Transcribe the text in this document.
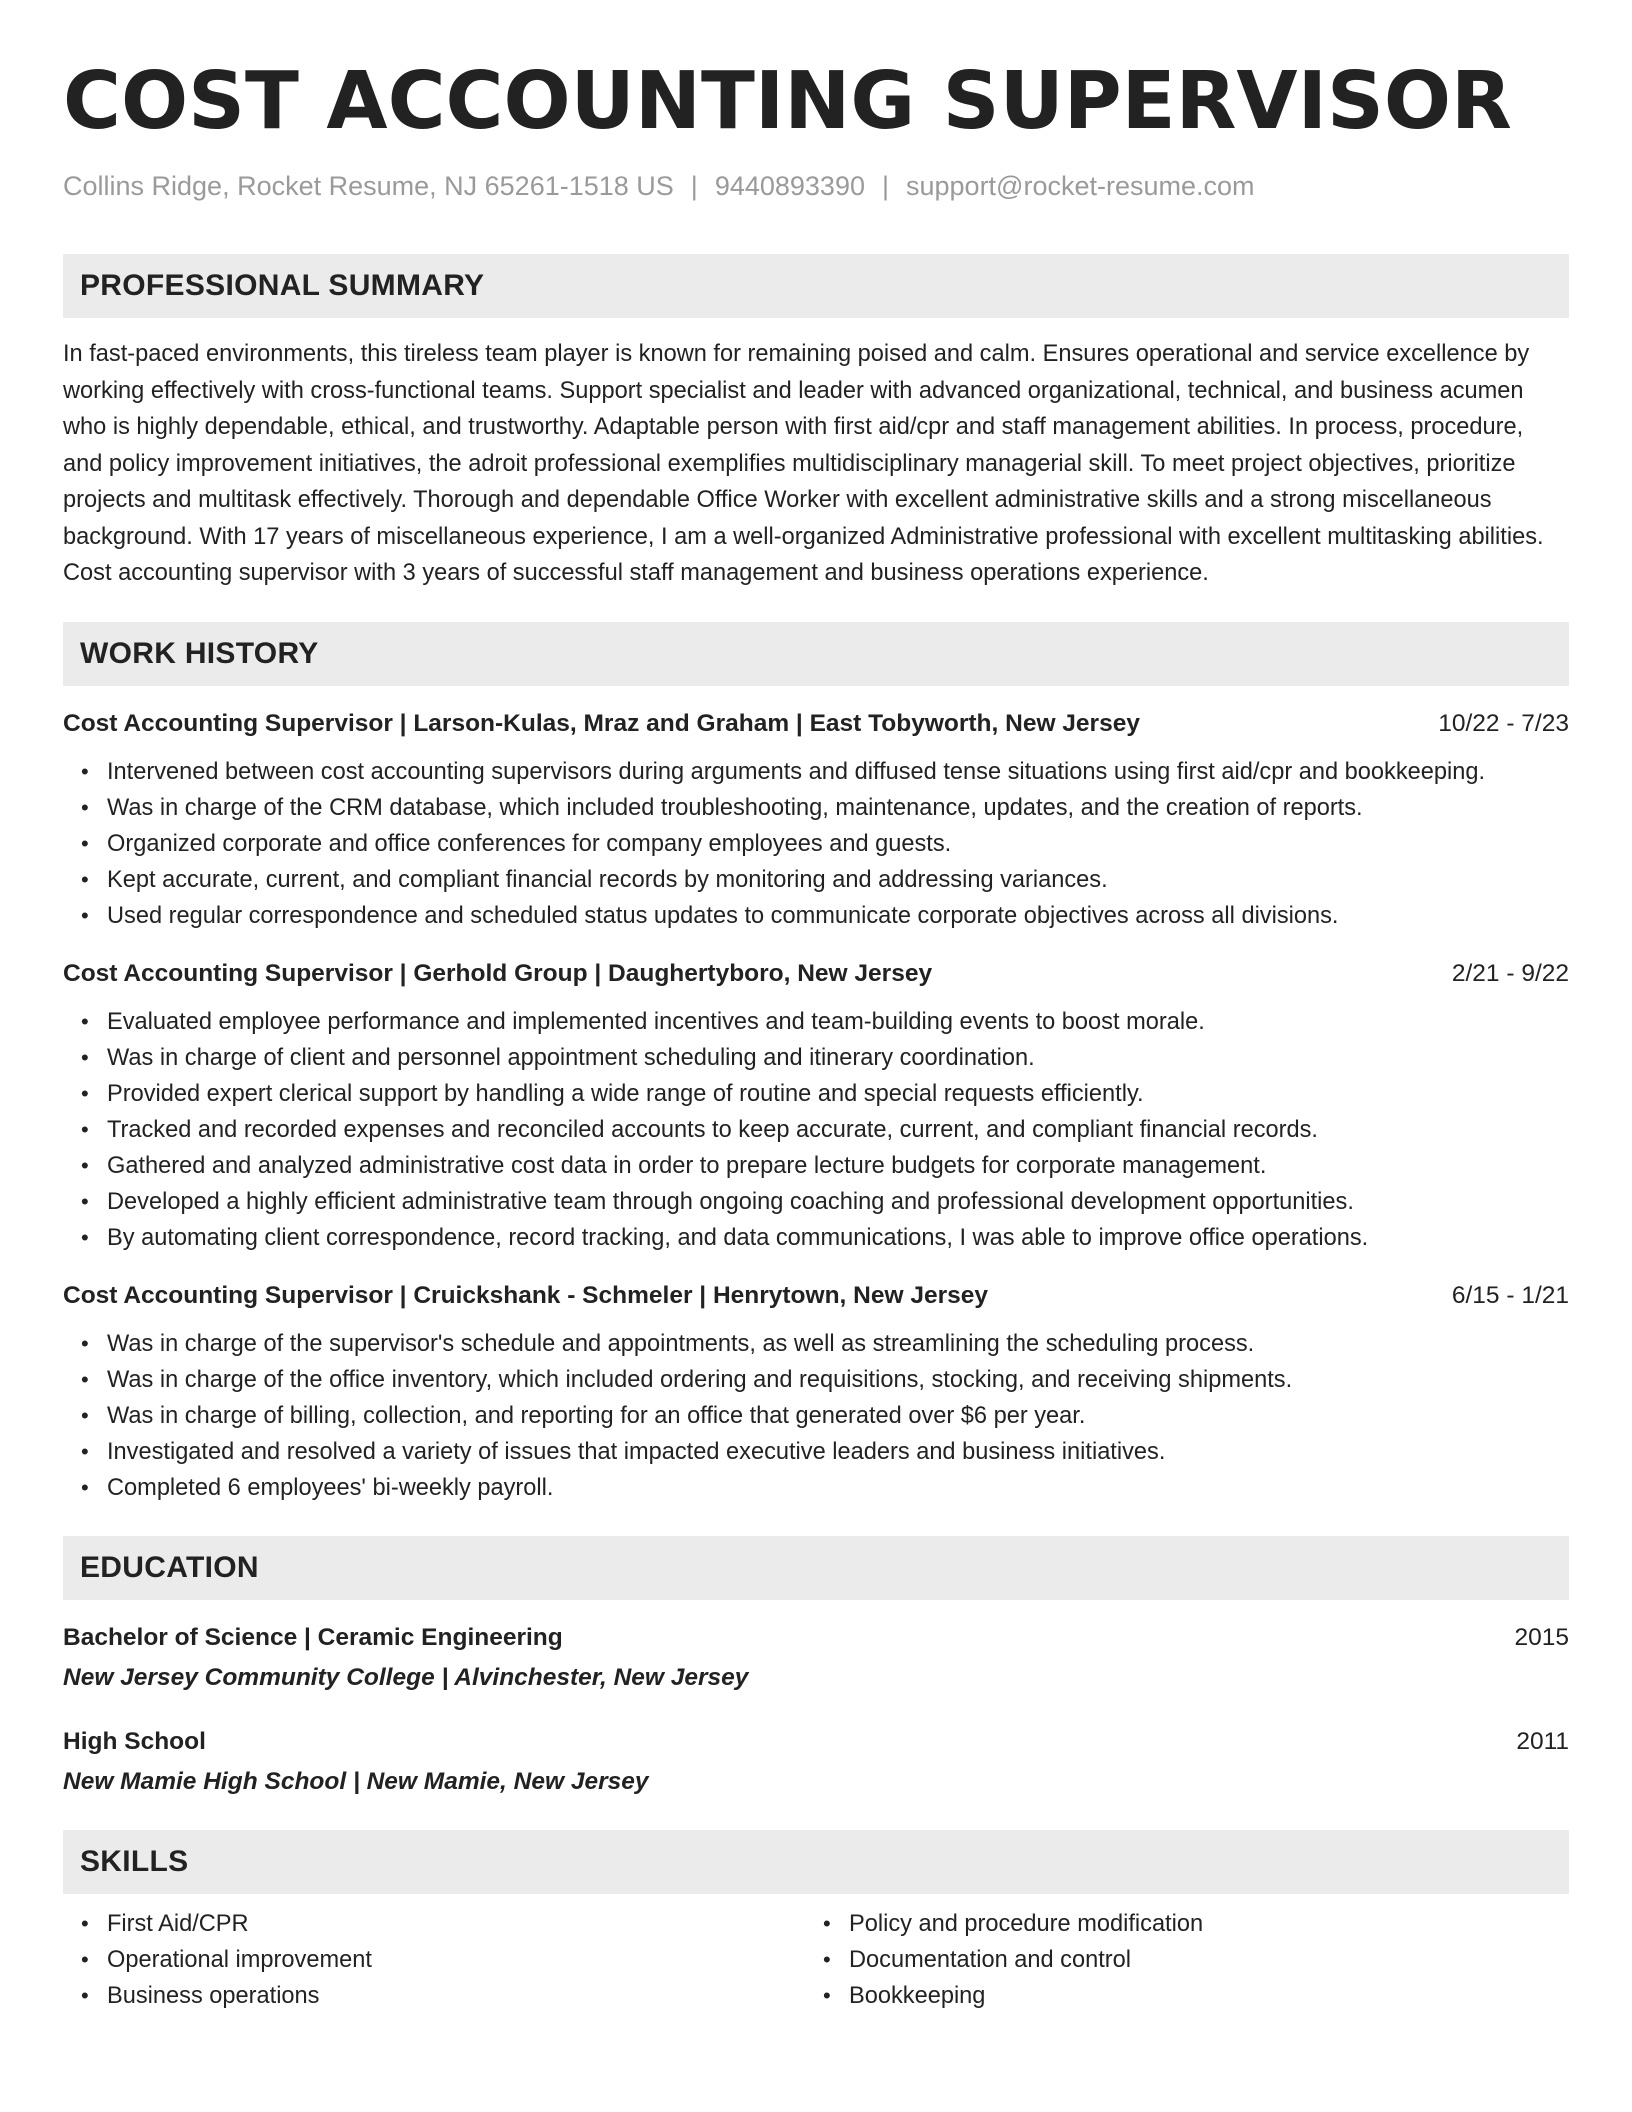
COST ACCOUNTING SUPERVISOR
Collins Ridge, Rocket Resume, NJ 65261-1518 US | 9440893390 | support@rocket-resume.com
PROFESSIONAL SUMMARY

In fast-paced environments, this tireless team player is known for remaining poised and calm. Ensures operational and service excellence by working effectively with cross-functional teams. Support specialist and leader with advanced organizational, technical, and business acumen who is highly dependable, ethical, and trustworthy. Adaptable person with first aid/cpr and staff management abilities. In process, procedure, and policy improvement initiatives, the adroit professional exemplifies multidisciplinary managerial skill. To meet project objectives, prioritize projects and multitask effectively. Thorough and dependable Office Worker with excellent administrative skills and a strong miscellaneous background. With 17 years of miscellaneous experience, I am a well-organized Administrative professional with excellent multitasking abilities. Cost accounting supervisor with 3 years of successful staff management and business operations experience.

WORK HISTORY
Cost Accounting Supervisor | Larson-Kulas, Mraz and Graham | East Tobyworth, New Jersey	10/22 - 7/23
• Intervened between cost accounting supervisors during arguments and diffused tense situations using first aid/cpr and bookkeeping.
• Was in charge of the CRM database, which included troubleshooting, maintenance, updates, and the creation of reports.
• Organized corporate and office conferences for company employees and guests.
• Kept accurate, current, and compliant financial records by monitoring and addressing variances.
• Used regular correspondence and scheduled status updates to communicate corporate objectives across all divisions.
Cost Accounting Supervisor | Gerhold Group | Daughertyboro, New Jersey	2/21 - 9/22
• Evaluated employee performance and implemented incentives and team-building events to boost morale.
• Was in charge of client and personnel appointment scheduling and itinerary coordination.
• Provided expert clerical support by handling a wide range of routine and special requests efficiently.
• Tracked and recorded expenses and reconciled accounts to keep accurate, current, and compliant financial records.
• Gathered and analyzed administrative cost data in order to prepare lecture budgets for corporate management.
• Developed a highly efficient administrative team through ongoing coaching and professional development opportunities.
• By automating client correspondence, record tracking, and data communications, I was able to improve office operations.
Cost Accounting Supervisor | Cruickshank - Schmeler | Henrytown, New Jersey	6/15 - 1/21
• Was in charge of the supervisor's schedule and appointments, as well as streamlining the scheduling process.
• Was in charge of the office inventory, which included ordering and requisitions, stocking, and receiving shipments.
• Was in charge of billing, collection, and reporting for an office that generated over $6 per year.
• Investigated and resolved a variety of issues that impacted executive leaders and business initiatives.
• Completed 6 employees' bi-weekly payroll.
EDUCATION
Bachelor of Science | Ceramic Engineering	2015
New Jersey Community College | Alvinchester, New Jersey
High School	2011
New Mamie High School | New Mamie, New Jersey
SKILLS
• First Aid/CPR
• Operational improvement
• Business operations
• Policy and procedure modification
• Documentation and control
• Bookkeeping
